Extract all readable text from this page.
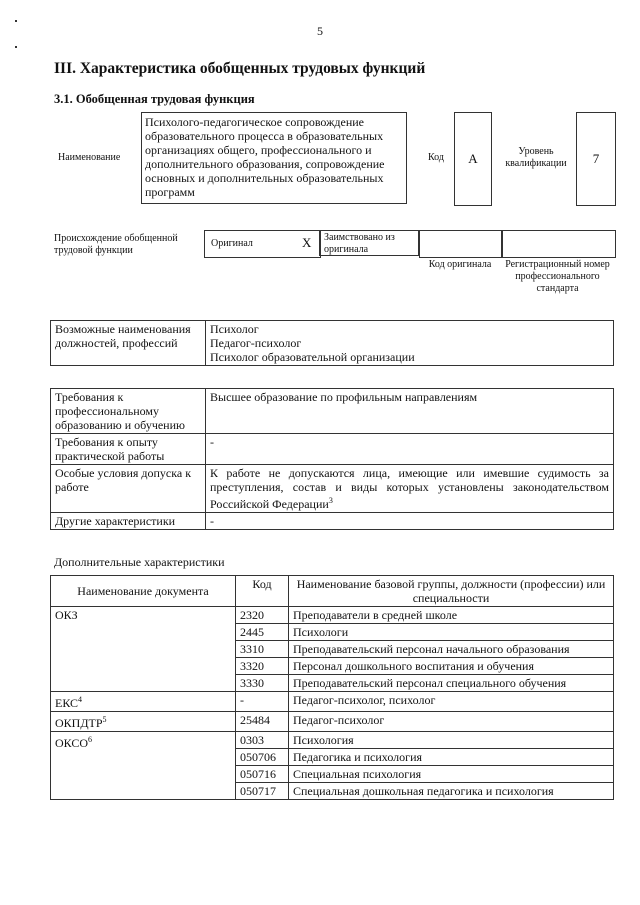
5
III. Характеристика обобщенных трудовых функций
3.1. Обобщенная трудовая функция
Наименование
Психолого-педагогическое сопровождение образовательного процесса в образовательных организациях общего, профессионального и дополнительного образования, сопровождение основных и дополнительных образовательных программ
Код	A	Уровень квалификации	7
Происхождение обобщенной трудовой функции
Оригинал	X	Заимствовано из оригинала
Код оригинала	Регистрационный номер профессионального стандарта
Возможные наименования должностей, профессий	
Психолог
Педагог-психолог
Психолог образовательной организации
Требования к профессиональному образованию и обучению	Высшее образование по профильным направлениям
Требования к опыту практической работы	-
Особые условия допуска к работе	К работе не допускаются лица, имеющие или имевшие судимость за преступления, состав и виды которых установлены законодательством Российской Федерации$^3$
Другие характеристики	-
Дополнительные характеристики
Наименование документа	Код	Наименование базовой группы, должности (профессии) или специальности
ОКЗ	2320	Преподаватели в средней школе
	2445	Психологи
	3310	Преподавательский персонал начального образования
	3320	Персонал дошкольного воспитания и обучения
	3330	Преподавательский персонал специального обучения
ЕКС$^4$	-	Педагог-психолог, психолог
ОКПДТР$^5$	25484	Педагог-психолог
ОКСО$^6$	0303	Психология
	050706	Педагогика и психология
	050716	Специальная психология
	050717	Специальная дошкольная педагогика и психология
